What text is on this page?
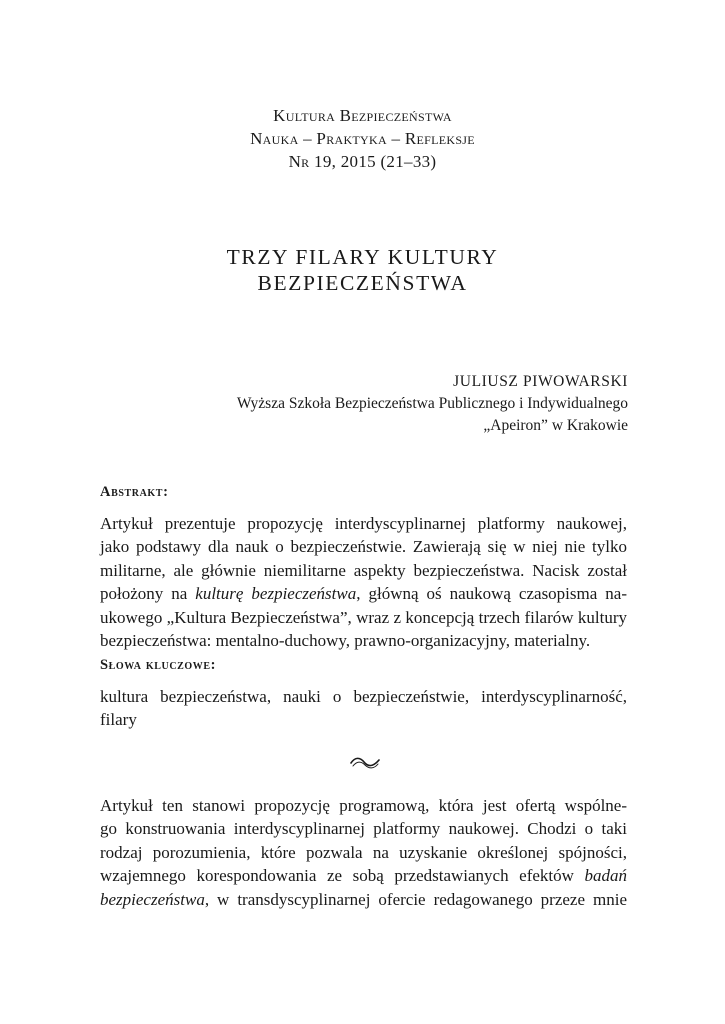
Kultura Bezpieczeństwa
Nauka – Praktyka – Refleksje
Nr 19, 2015 (21–33)
TRZY FILARY KULTURY
BEZPIECZEŃSTWA
JULIUSZ PIWOWARSKI
Wyższa Szkoła Bezpieczeństwa Publicznego i Indywidualnego
„Apeiron” w Krakowie
Abstrakt:
Artykuł prezentuje propozycję interdyscyplinarnej platformy naukowej,
jako podstawy dla nauk o bezpieczeństwie. Zawierają się w niej nie tylko
militarne, ale głównie niemilitarne aspekty bezpieczeństwa. Nacisk został
położony na kulturę bezpieczeństwa, główną oś naukową czasopisma na-
ukowego „Kultura Bezpieczeństwa”, wraz z koncepcją trzech filarów kultury
bezpieczeństwa: mentalno-duchowy, prawno-organizacyjny, materialny.
Słowa kluczowe:
kultura bezpieczeństwa, nauki o bezpieczeństwie, interdyscyplinarność,
filary
Artykuł ten stanowi propozycję programową, która jest ofertą wspólne-
go konstruowania interdyscyplinarnej platformy naukowej. Chodzi o taki
rodzaj porozumienia, które pozwala na uzyskanie określonej spójności,
wzajemnego korespondowania ze sobą przedstawianych efektów badań
bezpieczeństwa, w transdyscyplinarnej ofercie redagowanego przeze mnie
